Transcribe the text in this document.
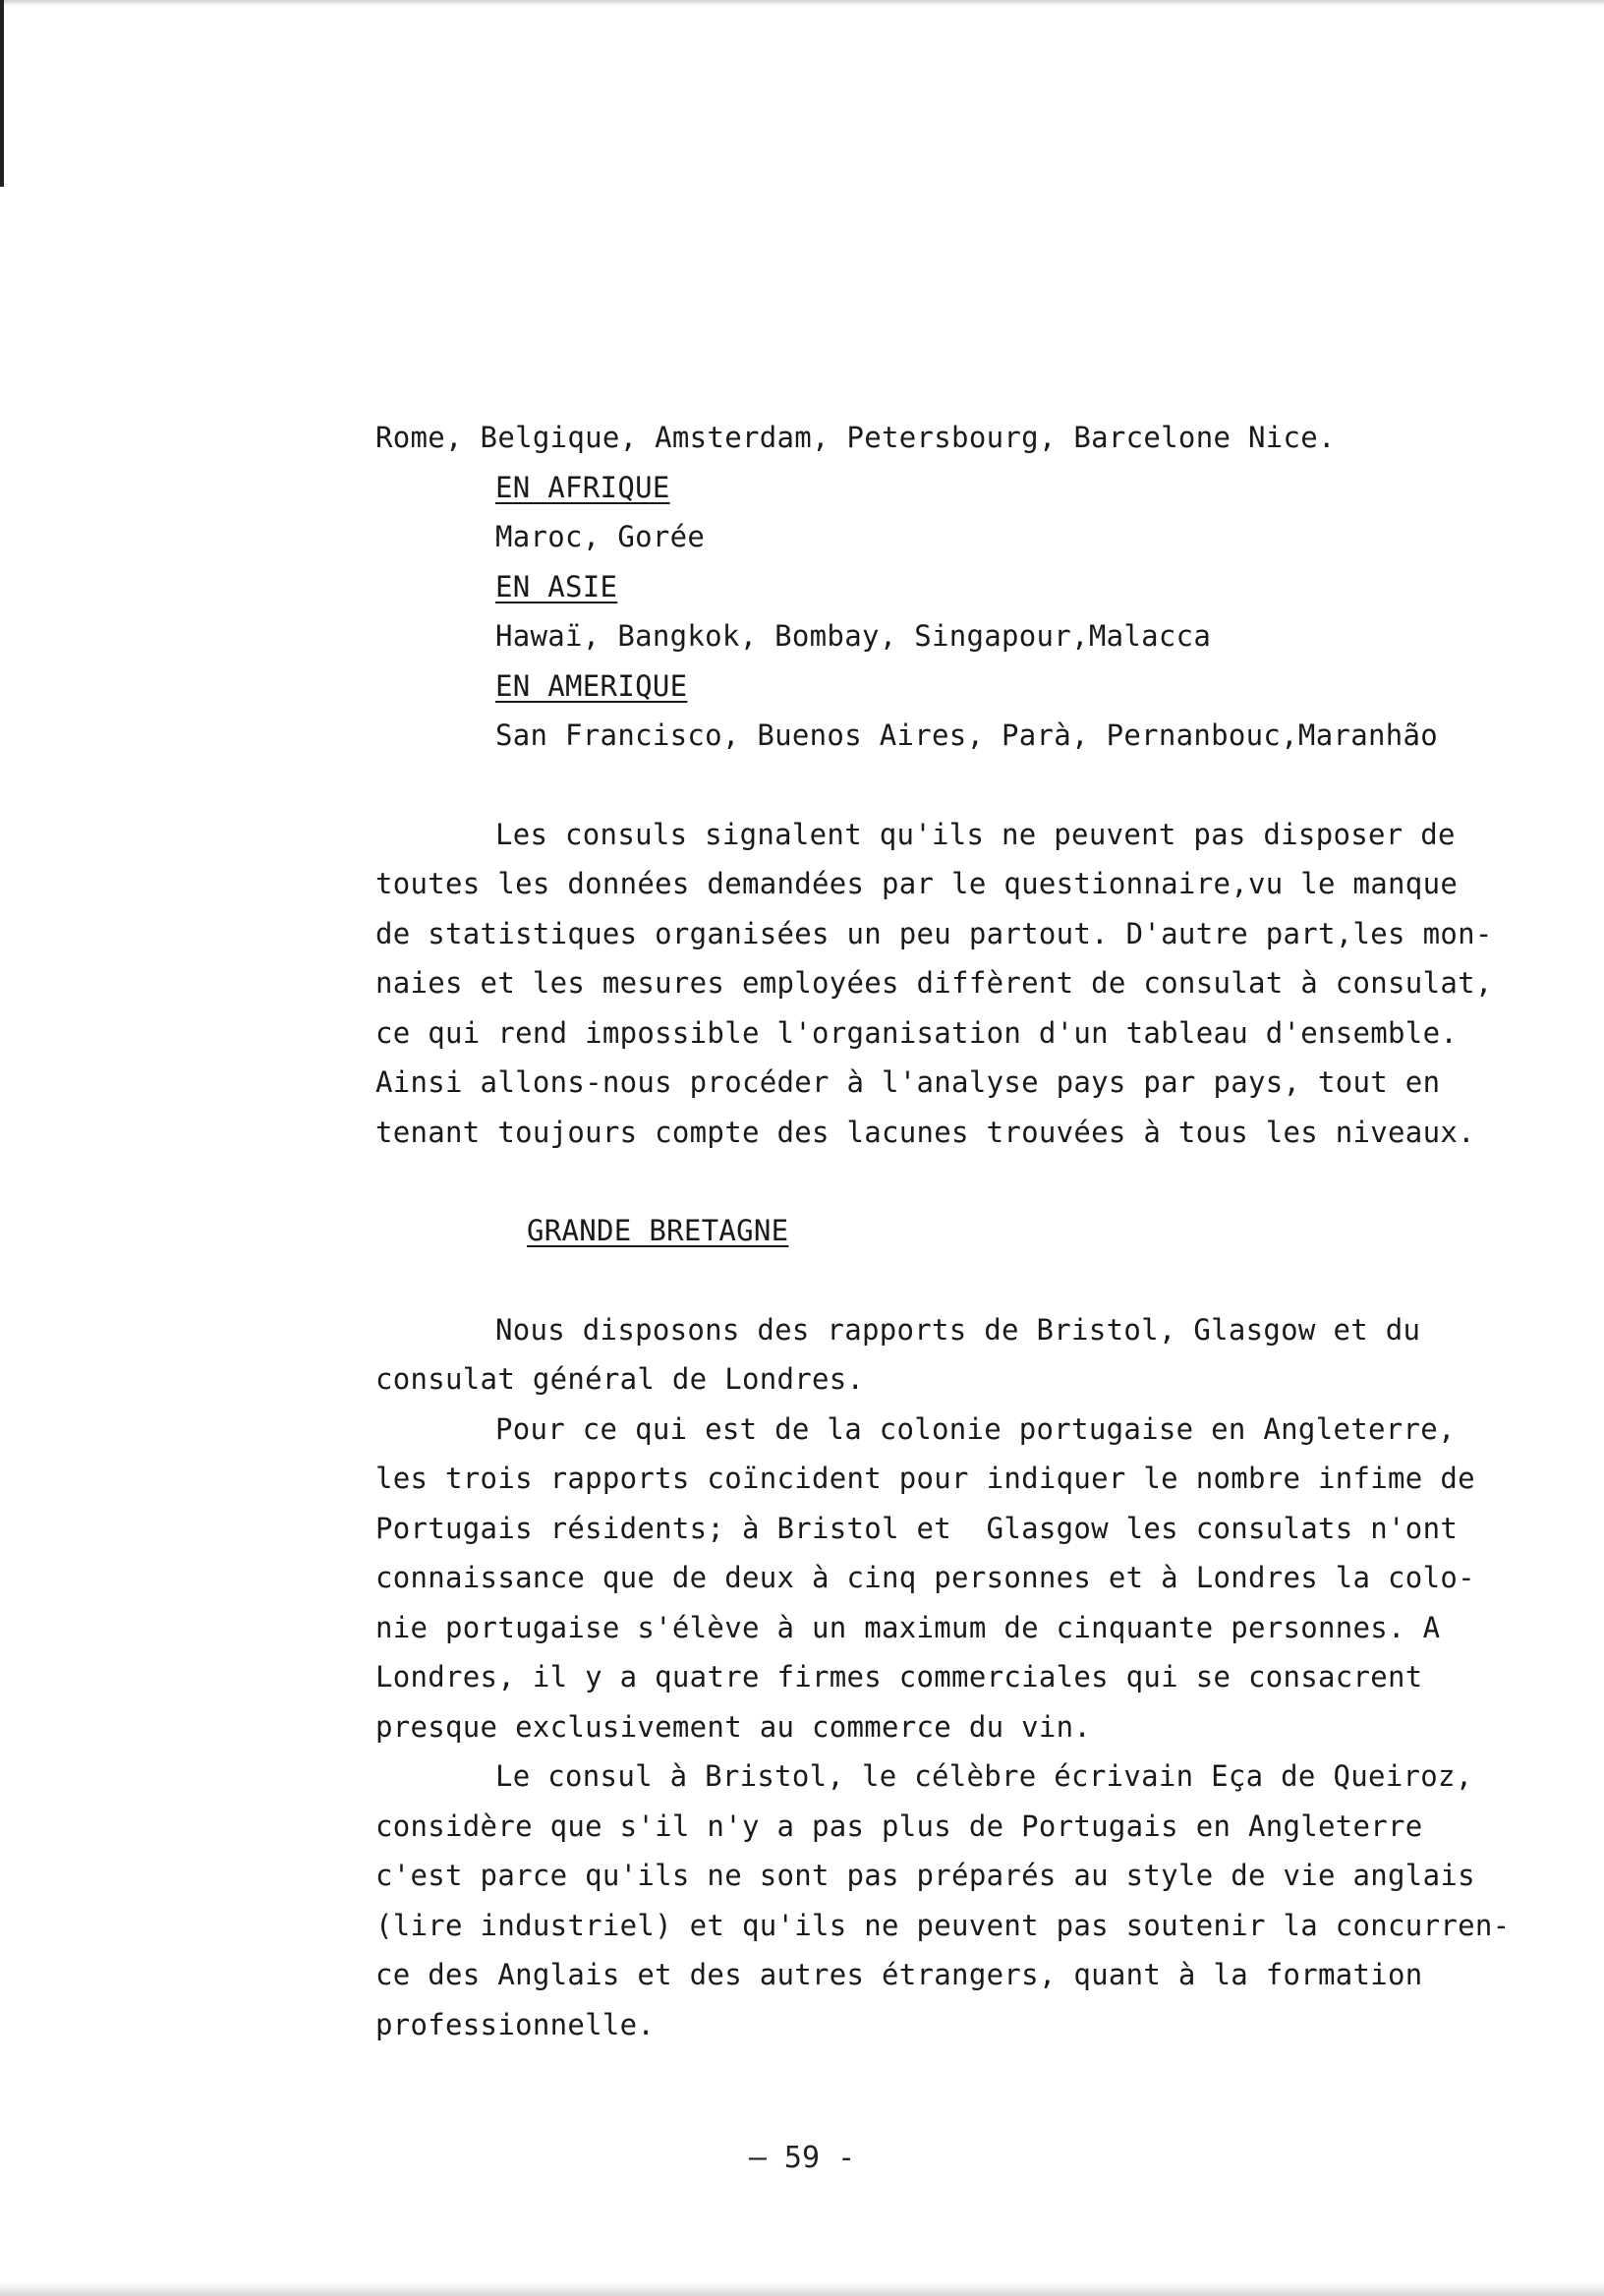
Rome, Belgique, Amsterdam, Petersbourg, Barcelone Nice.

EN AFRIQUE

Maroc, Gorée

EN ASIE

Hawaï, Bangkok, Bombay, Singapour,Malacca

EN AMERIQUE

San Francisco, Buenos Aires, Parà, Pernanbouc,Maranhão

Les consuls signalent qu'ils ne peuvent pas disposer de

toutes les données demandées par le questionnaire,vu le manque

de statistiques organisées un peu partout. D'autre part,les mon-

naies et les mesures employées diffèrent de consulat à consulat,

ce qui rend impossible l'organisation d'un tableau d'ensemble.

Ainsi allons-nous procéder à l'analyse pays par pays, tout en

tenant toujours compte des lacunes trouvées à tous les niveaux.

GRANDE BRETAGNE

Nous disposons des rapports de Bristol, Glasgow et du

consulat général de Londres.

Pour ce qui est de la colonie portugaise en Angleterre,

les trois rapports coïncident pour indiquer le nombre infime de

Portugais résidents; à Bristol et  Glasgow les consulats n'ont

connaissance que de deux à cinq personnes et à Londres la colo-

nie portugaise s'élève à un maximum de cinquante personnes. A

Londres, il y a quatre firmes commerciales qui se consacrent

presque exclusivement au commerce du vin.

Le consul à Bristol, le célèbre écrivain Eça de Queiroz,

considère que s'il n'y a pas plus de Portugais en Angleterre

c'est parce qu'ils ne sont pas préparés au style de vie anglais

(lire industriel) et qu'ils ne peuvent pas soutenir la concurren-

ce des Anglais et des autres étrangers, quant à la formation

professionnelle.

— 59 -
